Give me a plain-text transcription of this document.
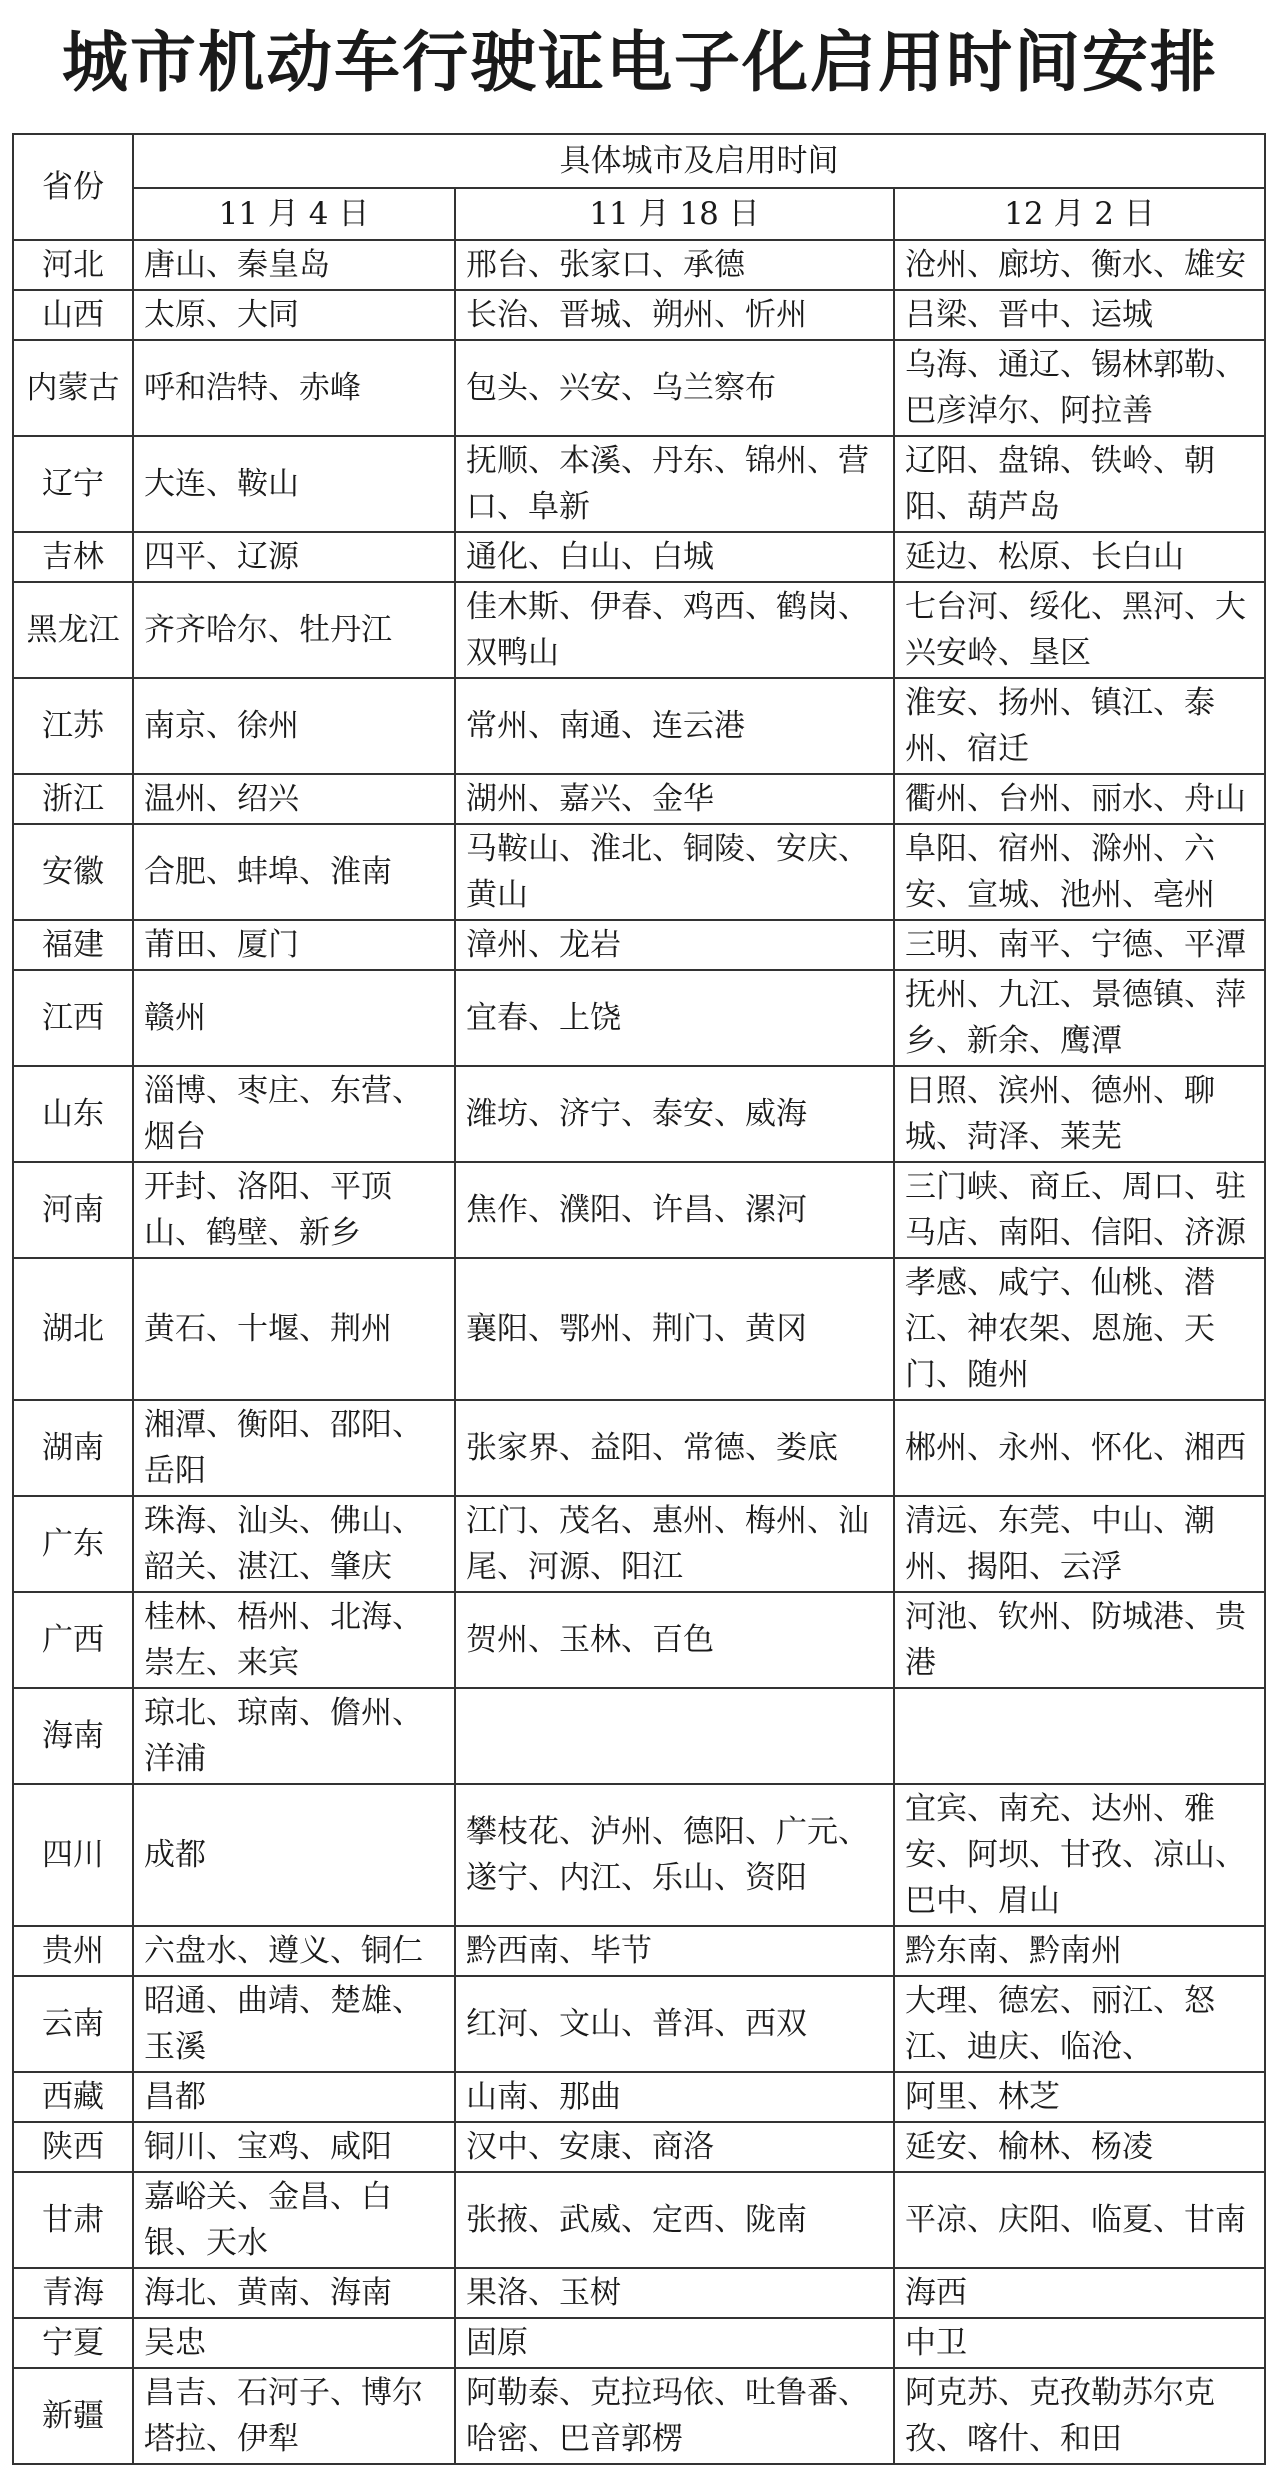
城市机动车行驶证电子化启用时间安排
省份	具体城市及启用时间		
	11 月 4 日	11 月 18 日	12 月 2 日
河北	唐山、秦皇岛	邢台、张家口、承德	沧州、廊坊、衡水、雄安
山西	太原、大同	长治、晋城、朔州、忻州	吕梁、晋中、运城
内蒙古	呼和浩特、赤峰	包头、兴安、乌兰察布	乌海、通辽、锡林郭勒、巴彦淖尔、阿拉善
辽宁	大连、鞍山	抚顺、本溪、丹东、锦州、营口、阜新	辽阳、盘锦、铁岭、朝阳、葫芦岛
吉林	四平、辽源	通化、白山、白城	延边、松原、长白山
黑龙江	齐齐哈尔、牡丹江	佳木斯、伊春、鸡西、鹤岗、双鸭山	七台河、绥化、黑河、大兴安岭、垦区
江苏	南京、徐州	常州、南通、连云港	淮安、扬州、镇江、泰州、宿迁
浙江	温州、绍兴	湖州、嘉兴、金华	衢州、台州、丽水、舟山
安徽	合肥、蚌埠、淮南	马鞍山、淮北、铜陵、安庆、黄山	阜阳、宿州、滁州、六安、宣城、池州、亳州
福建	莆田、厦门	漳州、龙岩	三明、南平、宁德、平潭
江西	赣州	宜春、上饶	抚州、九江、景德镇、萍乡、新余、鹰潭
山东	淄博、枣庄、东营、烟台	潍坊、济宁、泰安、威海	日照、滨州、德州、聊城、菏泽、莱芜
河南	开封、洛阳、平顶山、鹤壁、新乡	焦作、濮阳、许昌、漯河	三门峡、商丘、周口、驻马店、南阳、信阳、济源
湖北	黄石、十堰、荆州	襄阳、鄂州、荆门、黄冈	孝感、咸宁、仙桃、潜江、神农架、恩施、天门、随州
湖南	湘潭、衡阳、邵阳、岳阳	张家界、益阳、常德、娄底	郴州、永州、怀化、湘西
广东	珠海、汕头、佛山、韶关、湛江、肇庆	江门、茂名、惠州、梅州、汕尾、河源、阳江	清远、东莞、中山、潮州、揭阳、云浮
广西	桂林、梧州、北海、崇左、来宾	贺州、玉林、百色	河池、钦州、防城港、贵港
海南	琼北、琼南、儋州、洋浦		
四川	成都	攀枝花、泸州、德阳、广元、遂宁、内江、乐山、资阳	宜宾、南充、达州、雅安、阿坝、甘孜、凉山、巴中、眉山
贵州	六盘水、遵义、铜仁	黔西南、毕节	黔东南、黔南州
云南	昭通、曲靖、楚雄、玉溪	红河、文山、普洱、西双	大理、德宏、丽江、怒江、迪庆、临沧、
西藏	昌都	山南、那曲	阿里、林芝
陕西	铜川、宝鸡、咸阳	汉中、安康、商洛	延安、榆林、杨凌
甘肃	嘉峪关、金昌、白银、天水	张掖、武威、定西、陇南	平凉、庆阳、临夏、甘南
青海	海北、黄南、海南	果洛、玉树	海西
宁夏	吴忠	固原	中卫
新疆	昌吉、石河子、博尔塔拉、伊犁	阿勒泰、克拉玛依、吐鲁番、哈密、巴音郭楞	阿克苏、克孜勒苏尔克孜、喀什、和田
